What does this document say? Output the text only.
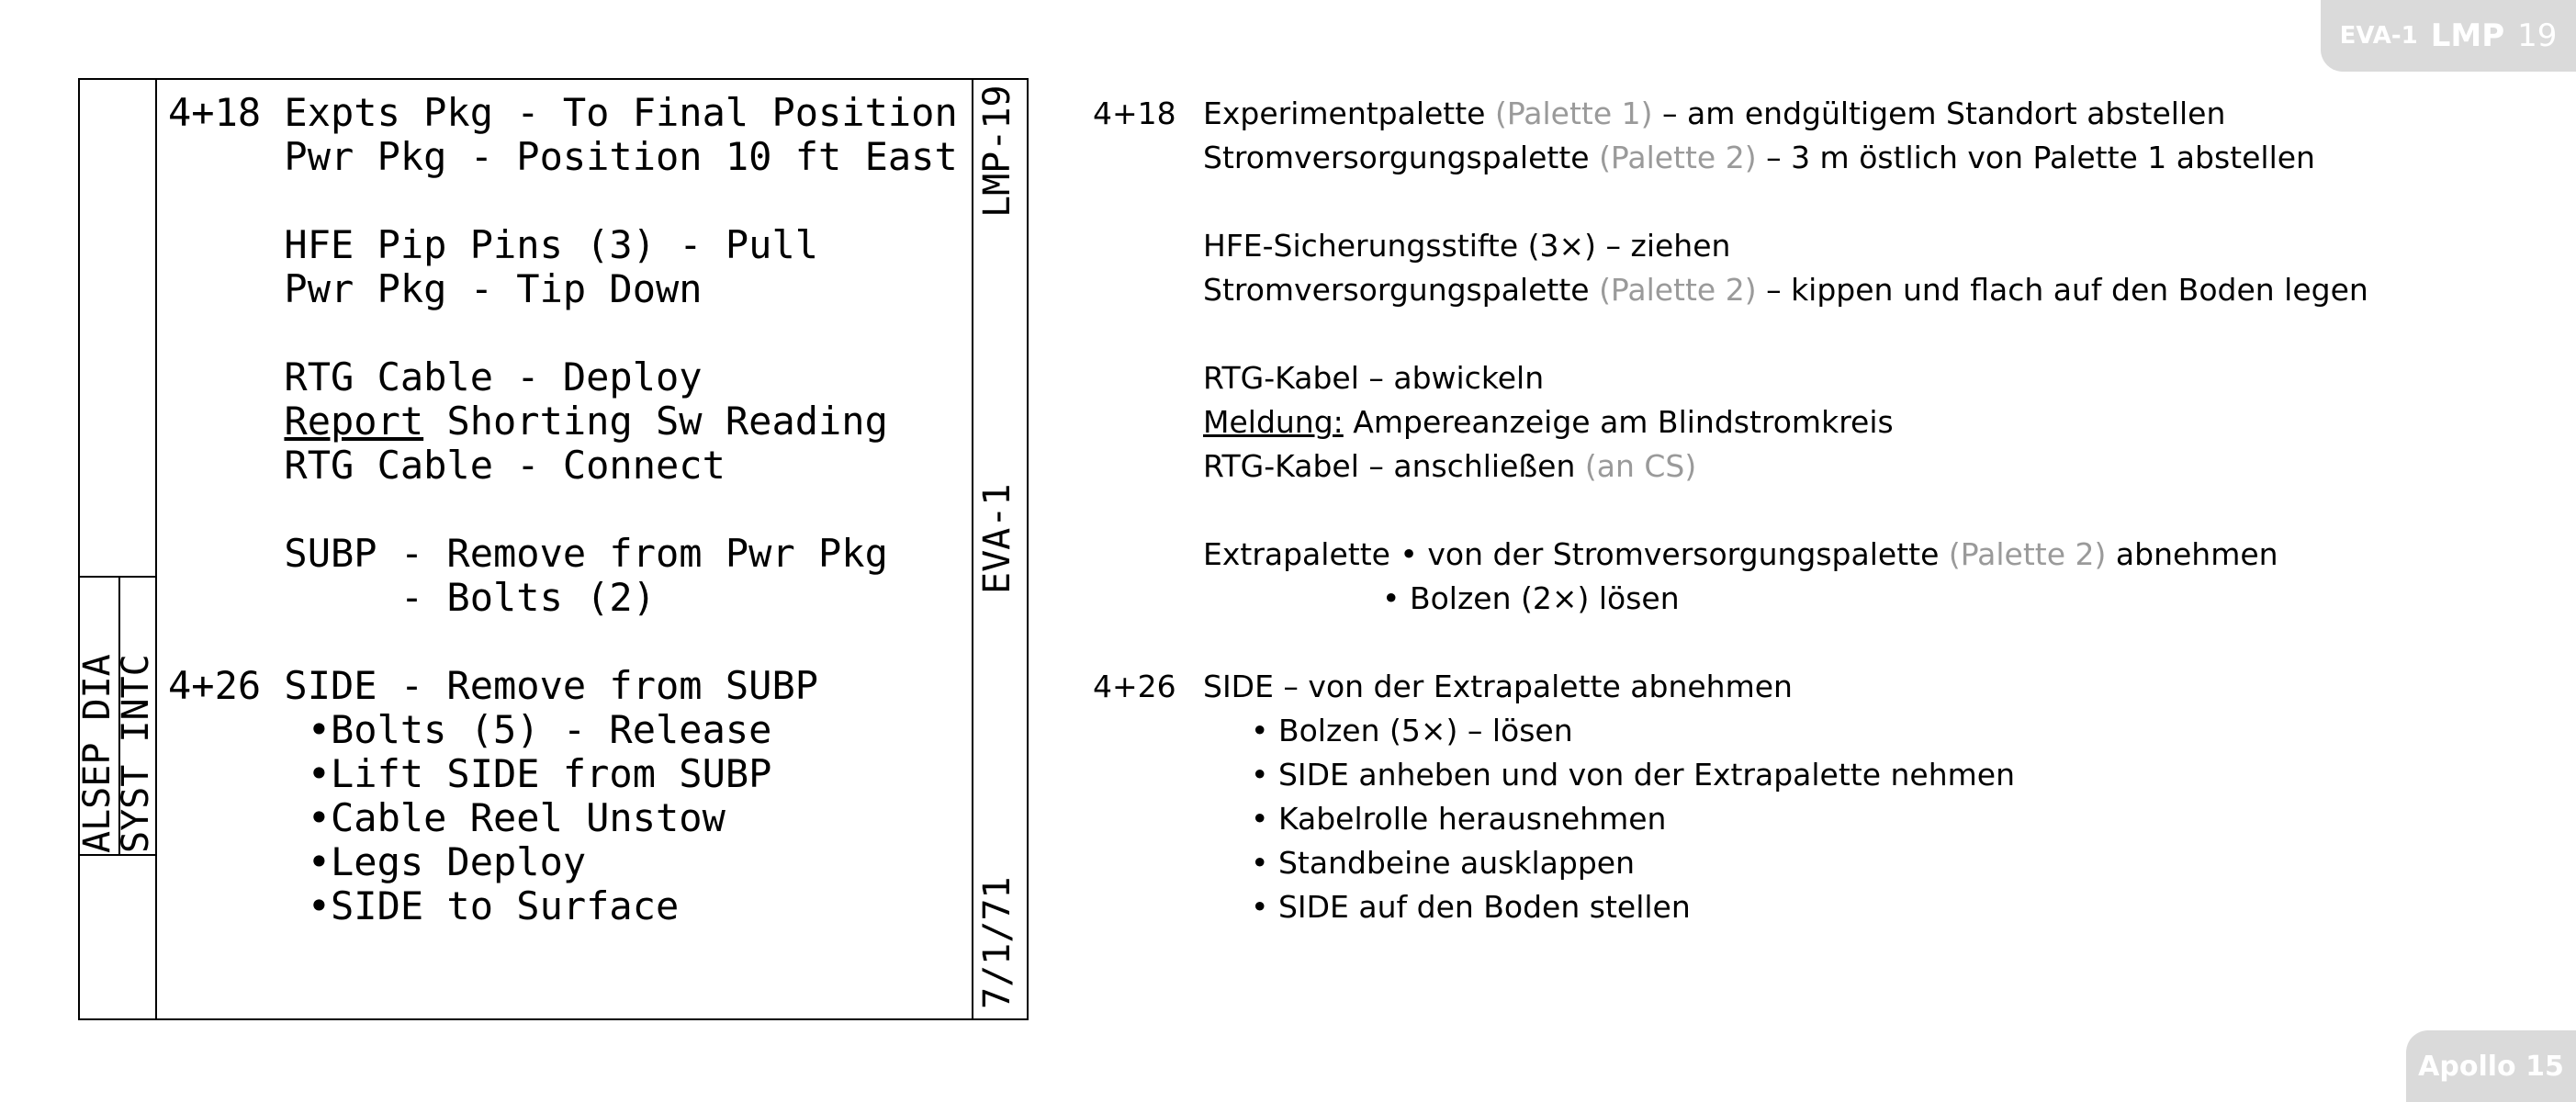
EVA-1 LMP 19
ALSEP DIA
SYST INTC
4+18 Expts Pkg - To Final Position
Pwr Pkg - Position 10 ft East
HFE Pip Pins (3) - Pull
Pwr Pkg - Tip Down
RTG Cable - Deploy
Report Shorting Sw Reading
RTG Cable - Connect
SUBP - Remove from Pwr Pkg
- Bolts (2)
4+26 SIDE - Remove from SUBP
•Bolts (5) - Release
•Lift SIDE from SUBP
•Cable Reel Unstow
•Legs Deploy
•SIDE to Surface
LMP-19
EVA-1
7/1/71
4+18 Experimentpalette (Palette 1) – am endgültigem Standort abstellen
Stromversorgungspalette (Palette 2) – 3 m östlich von Palette 1 abstellen
HFE-Sicherungsstifte (3×) – ziehen
Stromversorgungspalette (Palette 2) – kippen und flach auf den Boden legen
RTG-Kabel – abwickeln
Meldung: Ampereanzeige am Blindstromkreis
RTG-Kabel – anschließen (an CS)
Extrapalette • von der Stromversorgungspalette (Palette 2) abnehmen
• Bolzen (2×) lösen
4+26 SIDE – von der Extrapalette abnehmen
• Bolzen (5×) – lösen
• SIDE anheben und von der Extrapalette nehmen
• Kabelrolle herausnehmen
• Standbeine ausklappen
• SIDE auf den Boden stellen
Apollo 15
